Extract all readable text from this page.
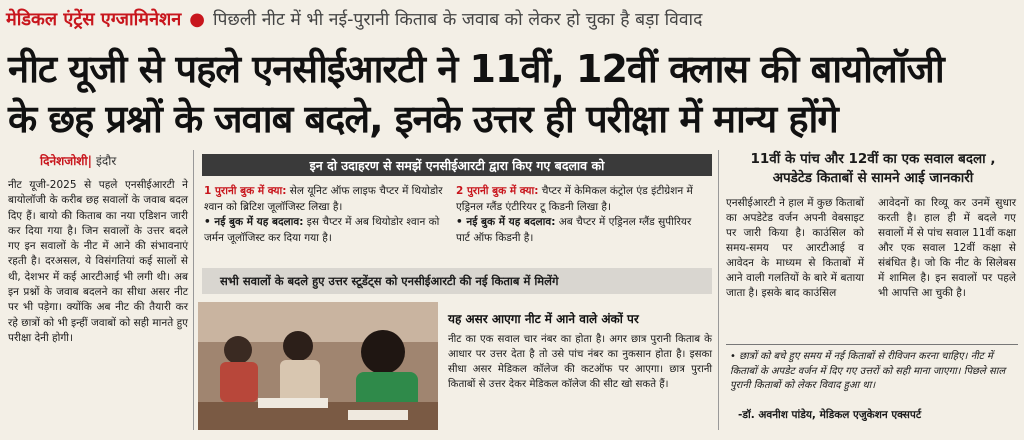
मेडिकल एंट्रेंस एग्जामिनेशन ● पिछली नीट में भी नई-पुरानी किताब के जवाब को लेकर हो चुका है बड़ा विवाद
नीट यूजी से पहले एनसीईआरटी ने 11वीं, 12वीं क्लास की बायोलॉजी
के छह प्रश्नों के जवाब बदले, इनके उत्तर ही परीक्षा में मान्य होंगे
दिनेशजोशी| इंदौर
नीट यूजी-2025 से पहले एनसीईआरटी ने बायोलॉजी के करीब छह सवालों के जवाब बदल दिए हैं। बायो की किताब का नया एडिशन जारी कर दिया गया है। जिन सवालों के उत्तर बदले गए इन सवालों के नीट में आने की संभावनाएं रहती है। दरअसल, ये विसंगतियां कई सालों से थी, देशभर में कई आरटीआई भी लगी थी। अब इन प्रश्नों के जवाब बदलने का सीधा असर नीट पर भी पड़ेगा। क्योंकि अब नीट की तैयारी कर रहे छात्रों को भी इन्हीं जवाबों को सही मानते हुए परीक्षा देनी होगी।
इन दो उदाहरण से समझें एनसीईआरटी द्वारा किए गए बदलाव को
1 पुरानी बुक में क्या: सेल यूनिट ऑफ लाइफ चैप्टर में थियोडोर श्वान को ब्रिटिश जूलॉजिस्ट लिखा है।
• नई बुक में यह बदलाव: इस चैप्टर में अब थियोडोर श्वान को जर्मन जूलॉजिस्ट कर दिया गया है।
2 पुरानी बुक में क्या: चैप्टर में केमिकल कंट्रोल एंड इंटीग्रेशन में एड्रिनल ग्लैंड एंटीरियर टू किडनी लिखा है।
• नई बुक में यह बदलाव: अब चैप्टर में एड्रिनल ग्लैंड सुपीरियर पार्ट ऑफ किडनी है।
सभी सवालों के बदले हुए उत्तर स्टूडेंट्स को एनसीईआरटी की नई किताब में मिलेंगे
यह असर आएगा नीट में आने वाले अंकों पर
नीट का एक सवाल चार नंबर का होता है। अगर छात्र पुरानी किताब के आधार पर उत्तर देता है तो उसे पांच नंबर का नुकसान होता है। इसका सीधा असर मेडिकल कॉलेज की कटऑफ पर आएगा। छात्र पुरानी किताबों से उत्तर देकर मेडिकल कॉलेज की सीट खो सकते हैं।
11वीं के पांच और 12वीं का एक सवाल बदला ,
अपडेटेड किताबों से सामने आई जानकारी
एनसीईआरटी ने हाल में कुछ किताबों का अपडेटेड वर्जन अपनी वेबसाइट पर जारी किया है। काउंसिल को समय-समय पर आरटीआई व आवेदन के माध्यम से किताबों में आने वाली गलतियों के बारे में बताया जाता है। इसके बाद काउंसिल
आवेदनों का रिव्यू कर उनमें सुधार करती है। हाल ही में बदले गए सवालों में से पांच सवाल 11वीं कक्षा और एक सवाल 12वीं कक्षा से संबंधित है। जो कि नीट के सिलेबस में शामिल है। इन सवालों पर पहले भी आपत्ति आ चुकी है।
• छात्रों को बचे हुए समय में नई किताबों से रीविजन करना चाहिए। नीट में किताबों के अपडेट वर्जन में दिए गए उत्तरों को सही माना जाएगा। पिछले साल पुरानी किताबों को लेकर विवाद हुआ था।
-डॉ. अवनीश पांडेय, मेडिकल एजुकेशन एक्सपर्ट
